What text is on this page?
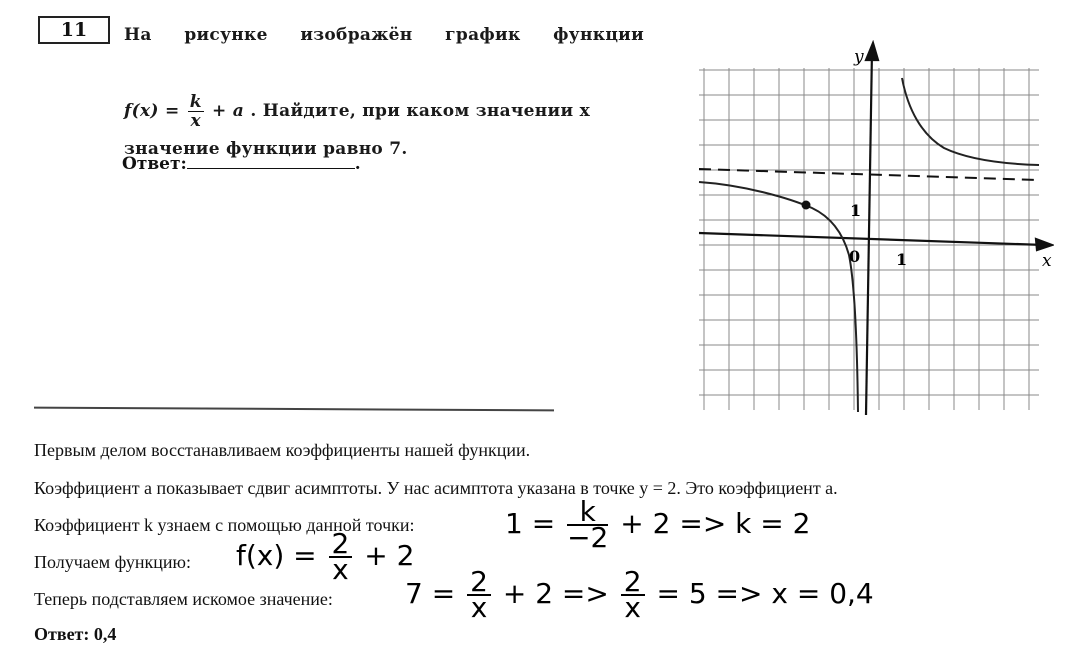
11	На рисунке изображён график функции
$f(x) = \frac{k}{x} + a$ . Найдите, при каком значении x
значение функции равно 7.
Ответ:	.
y
x
0 1
1
Первым делом восстанавливаем коэффициенты нашей функции.
Коэффициент a показывает сдвиг асимптоты. У нас асимптота указана в точке y = 2. Это коэффициент a.
Коэффициент k узнаем с помощью данной точки:	$1 = \frac{k}{-2} + 2 => k = 2$
Получаем функцию: $f(x) = \frac{2}{x} + 2$
Теперь подставляем искомое значение:	$7 = \frac{2}{x} + 2 => \frac{2}{x} = 5 => x = 0,4$
Ответ: 0,4
